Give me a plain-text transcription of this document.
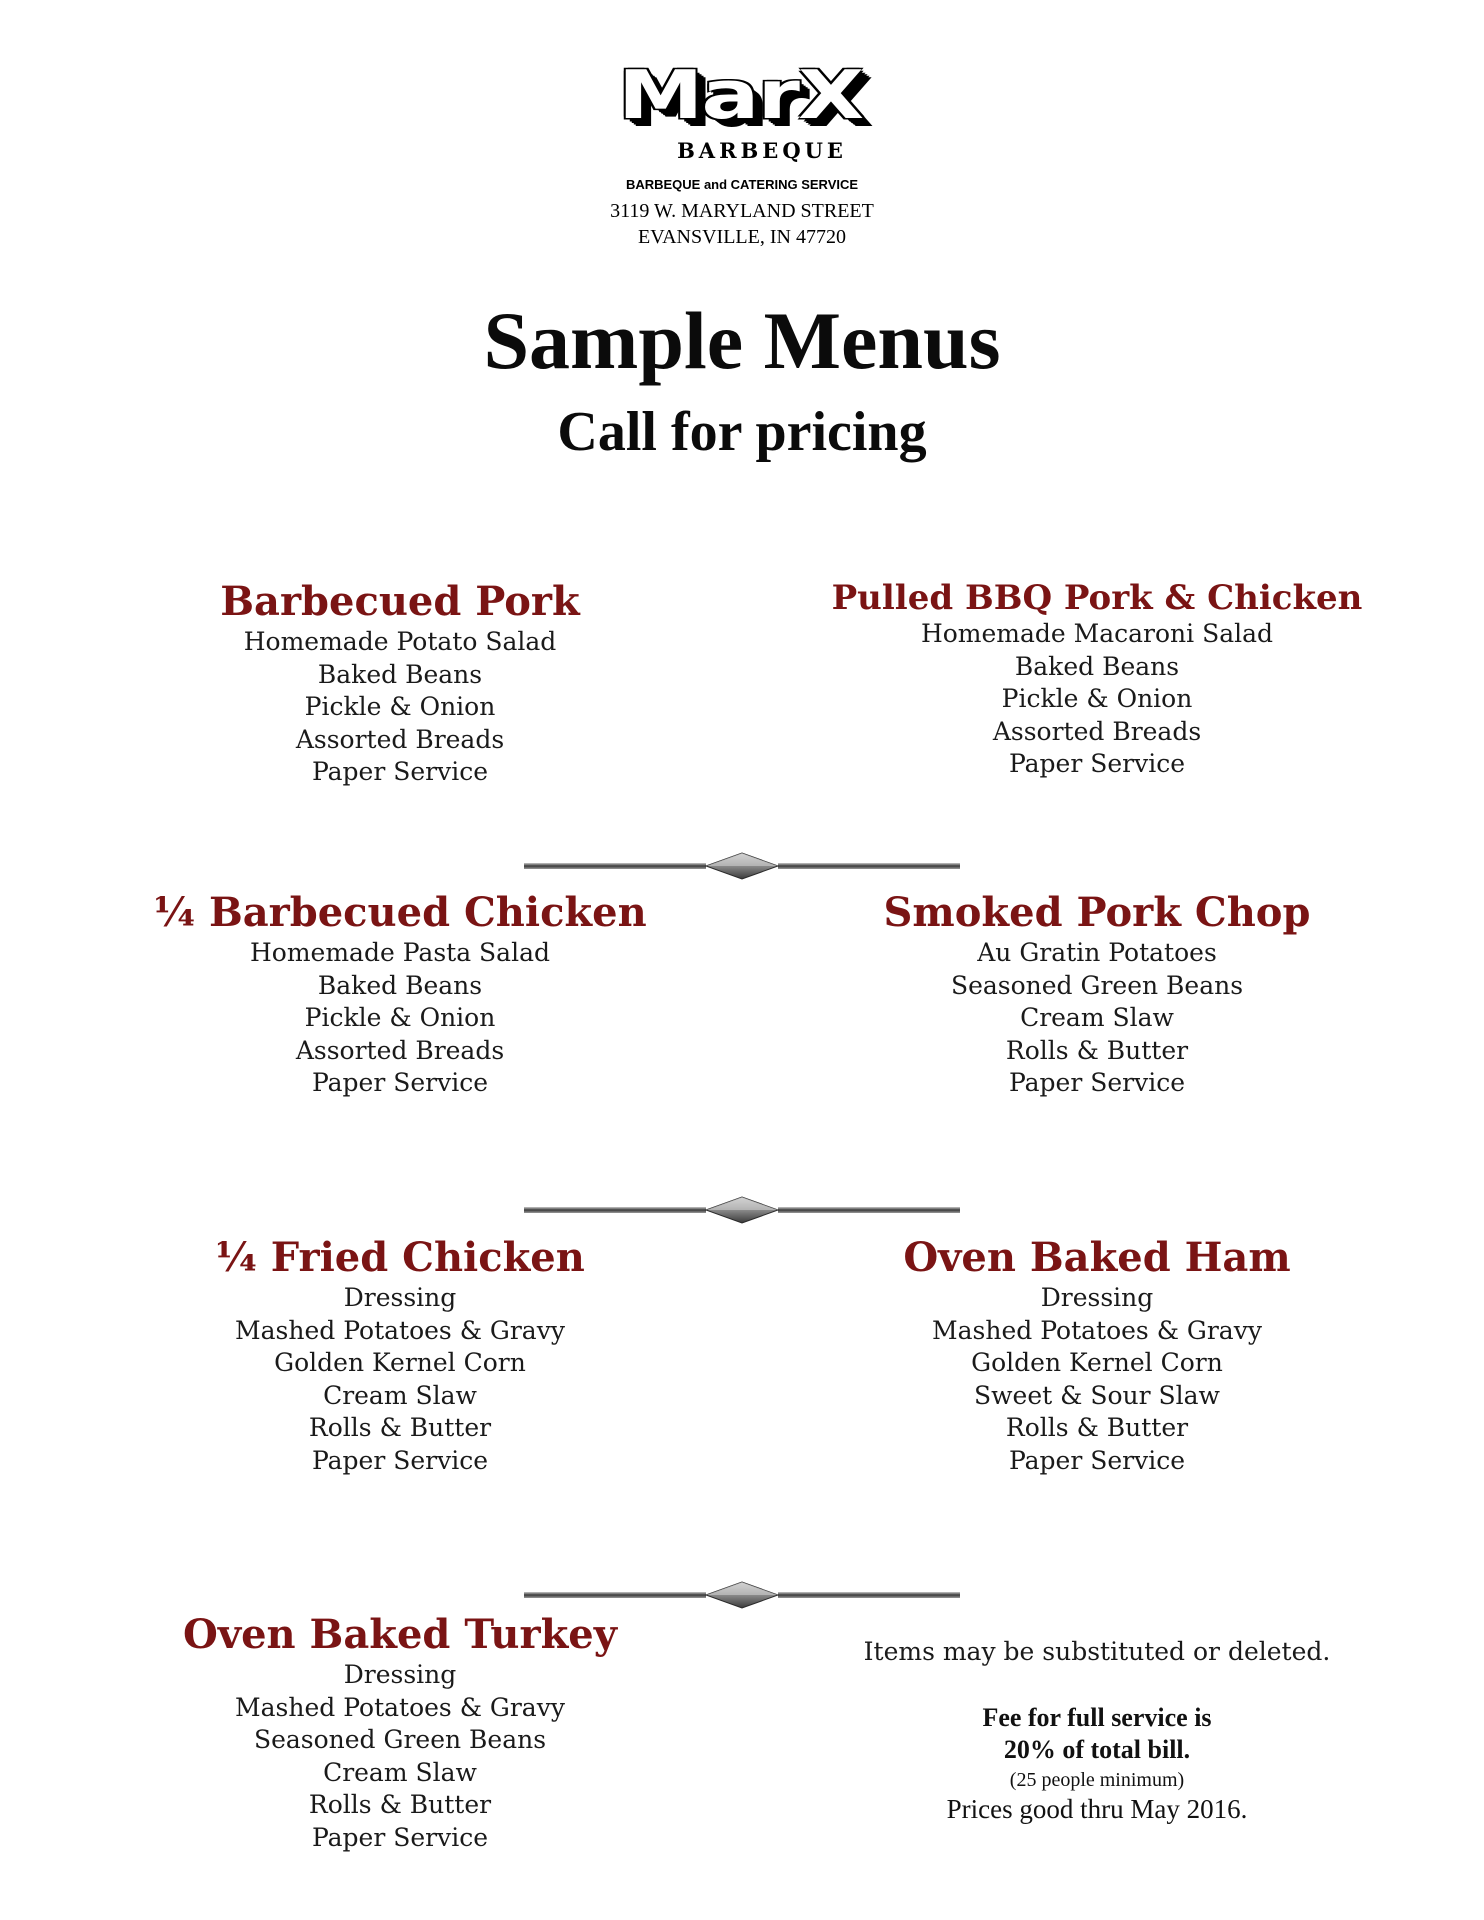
MarX
BARBEQUE
BARBEQUE and CATERING SERVICE
3119 W. MARYLAND STREET
EVANSVILLE, IN 47720
Sample Menus
Call for pricing
Barbecued Pork
Homemade Potato Salad
Baked Beans
Pickle & Onion
Assorted Breads
Paper Service
Pulled BBQ Pork & Chicken
Homemade Macaroni Salad
Baked Beans
Pickle & Onion
Assorted Breads
Paper Service
¼ Barbecued Chicken
Homemade Pasta Salad
Baked Beans
Pickle & Onion
Assorted Breads
Paper Service
Smoked Pork Chop
Au Gratin Potatoes
Seasoned Green Beans
Cream Slaw
Rolls & Butter
Paper Service
¼ Fried Chicken
Dressing
Mashed Potatoes & Gravy
Golden Kernel Corn
Cream Slaw
Rolls & Butter
Paper Service
Oven Baked Ham
Dressing
Mashed Potatoes & Gravy
Golden Kernel Corn
Sweet & Sour Slaw
Rolls & Butter
Paper Service
Oven Baked Turkey
Dressing
Mashed Potatoes & Gravy
Seasoned Green Beans
Cream Slaw
Rolls & Butter
Paper Service
Items may be substituted or deleted.
Fee for full service is
20% of total bill.
(25 people minimum)
Prices good thru May 2016.
